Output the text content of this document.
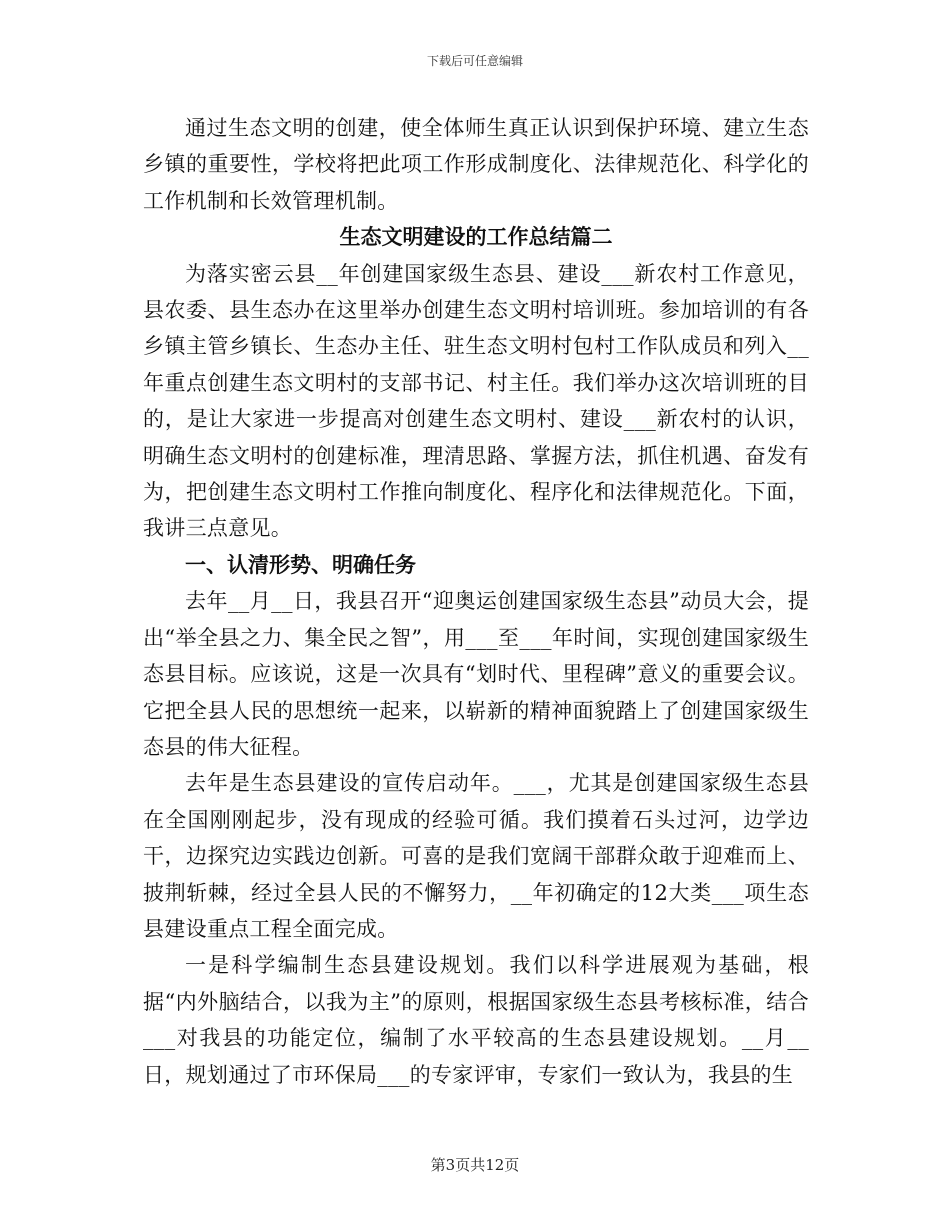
下载后可任意编辑

通过生态文明的创建，使全体师生真正认识到保护环境、建立生态乡镇的重要性，学校将把此项工作形成制度化、法律规范化、科学化的工作机制和长效管理机制。

生态文明建设的工作总结篇二

为落实密云县__年创建国家级生态县、建设___新农村工作意见，县农委、县生态办在这里举办创建生态文明村培训班。参加培训的有各乡镇主管乡镇长、生态办主任、驻生态文明村包村工作队成员和列入__年重点创建生态文明村的支部书记、村主任。我们举办这次培训班的目的，是让大家进一步提高对创建生态文明村、建设___新农村的认识，明确生态文明村的创建标准，理清思路、掌握方法，抓住机遇、奋发有为，把创建生态文明村工作推向制度化、程序化和法律规范化。下面，我讲三点意见。

一、认清形势、明确任务

去年__月__日，我县召开“迎奥运创建国家级生态县”动员大会，提出“举全县之力、集全民之智”，用___至___年时间，实现创建国家级生态县目标。应该说，这是一次具有“划时代、里程碑”意义的重要会议。它把全县人民的思想统一起来，以崭新的精神面貌踏上了创建国家级生态县的伟大征程。

去年是生态县建设的宣传启动年。___，尤其是创建国家级生态县在全国刚刚起步，没有现成的经验可循。我们摸着石头过河，边学边干，边探究边实践边创新。可喜的是我们宽阔干部群众敢于迎难而上、披荆斩棘，经过全县人民的不懈努力，__年初确定的12大类___项生态县建设重点工程全面完成。

一是科学编制生态县建设规划。我们以科学进展观为基础，根据“内外脑结合，以我为主”的原则，根据国家级生态县考核标准，结合___对我县的功能定位，编制了水平较高的生态县建设规划。__月__日，规划通过了市环保局___的专家评审，专家们一致认为，我县的生

第3页共12页
